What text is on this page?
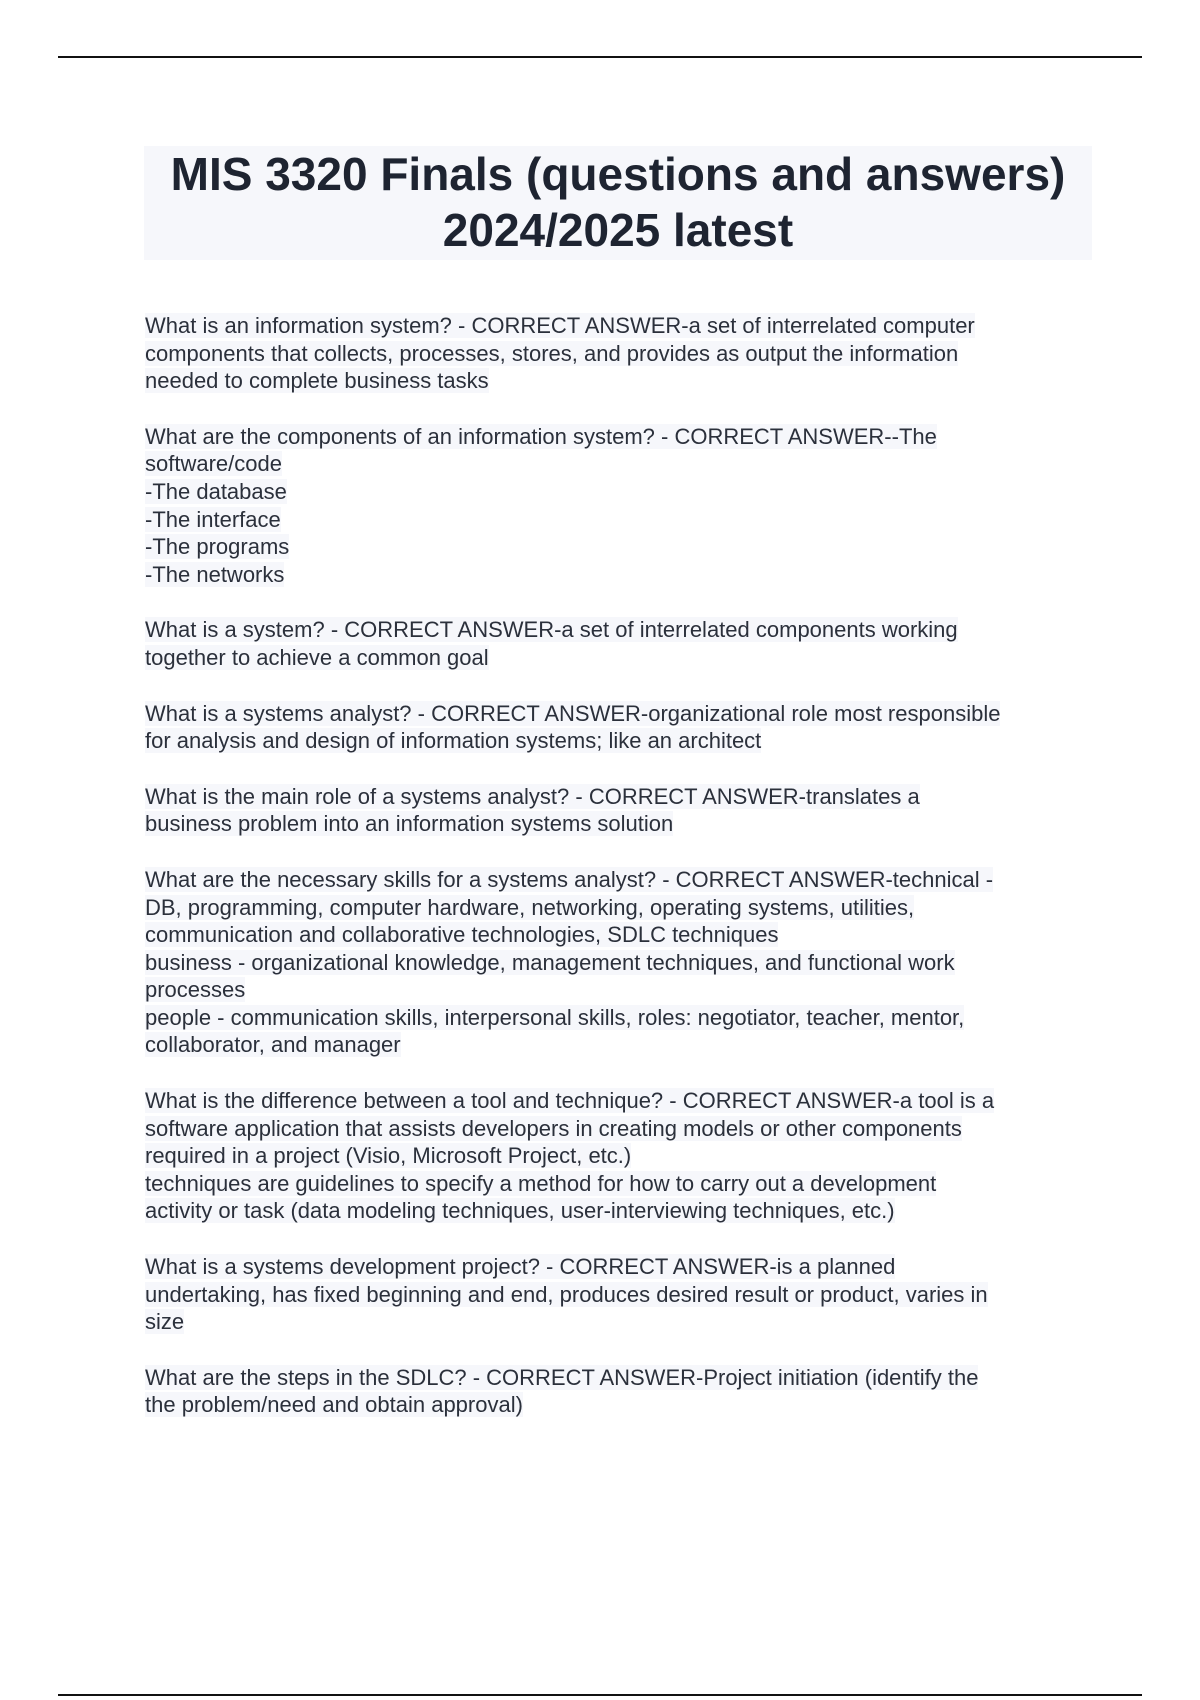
MIS 3320 Finals (questions and answers)
2024/2025 latest
What is an information system? - CORRECT ANSWER-a set of interrelated computer
components that collects, processes, stores, and provides as output the information
needed to complete business tasks
What are the components of an information system? - CORRECT ANSWER--The
software/code
-The database
-The interface
-The programs
-The networks
What is a system? - CORRECT ANSWER-a set of interrelated components working
together to achieve a common goal
What is a systems analyst? - CORRECT ANSWER-organizational role most responsible
for analysis and design of information systems; like an architect
What is the main role of a systems analyst? - CORRECT ANSWER-translates a
business problem into an information systems solution
What are the necessary skills for a systems analyst? - CORRECT ANSWER-technical -
DB, programming, computer hardware, networking, operating systems, utilities,
communication and collaborative technologies, SDLC techniques
business - organizational knowledge, management techniques, and functional work
processes
people - communication skills, interpersonal skills, roles: negotiator, teacher, mentor,
collaborator, and manager
What is the difference between a tool and technique? - CORRECT ANSWER-a tool is a
software application that assists developers in creating models or other components
required in a project (Visio, Microsoft Project, etc.)
techniques are guidelines to specify a method for how to carry out a development
activity or task (data modeling techniques, user-interviewing techniques, etc.)
What is a systems development project? - CORRECT ANSWER-is a planned
undertaking, has fixed beginning and end, produces desired result or product, varies in
size
What are the steps in the SDLC? - CORRECT ANSWER-Project initiation (identify the
the problem/need and obtain approval)
